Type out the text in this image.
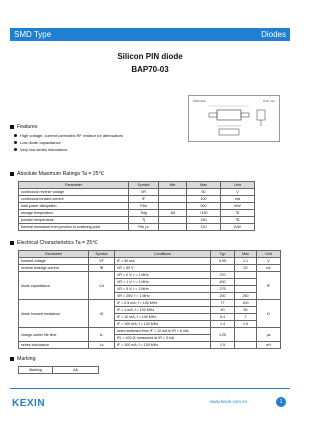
SMD Type	Diodes
Silicon PIN diode
BAP70-03
SOD-323	Unit: mm
Features
High voltage, current controlled RF resistor for attenuators
Low diode capacitance
Very low series inductance.
Absolute Maximum Ratings Ta = 25℃
Parameter	Symbol	Min	Max	Unit
continuous reverse voltage	VR		50	V
continuous forward current	IF		100	mA
total power dissipation	Ptot		500	mW
storage temperature	Tstg	-65	+150	℃
junction temperature	Tj		150	℃
thermal resistance from junction to soldering point	Rth j-s		120	K/W
Electrical Characteristics Ta = 25℃
Parameter	Symbol	Conditions	Typ	Max	Unit
forward voltage	VF	IF = 50 mA	0.95	1.1	V
reverse leakage current	IR	VR = 50 V		20	nA
diode capacitance	Cd	VR = 0 V; f = 1 MHz	370		fF
		VR = 1 V; f = 1 MHz	400		
		VR = 5 V; f = 1 MHz	275		
		VR = 20V; f = 1 MHz	200	250	
diode forward resistance	rD	IF = 0.5 mA; f = 100 MHz	77	100	Ω
		IF = 1 mA; f = 100 MHz	40	50	
		IF = 10 mA; f = 100 MHz	5.4	7	
		IF = 100 mA; f = 100 MHz	1.4	1.9	
charge carrier life time	τL	when switched from IF = 10 mA to IR = 6 mA;	1.25		μs
		RL = 100 Ω; measured at IR = 3 mA			
series inductance	Ls	IF = 100 mA; f = 100 MHz	1.5		nH
Marking
Marking	A8
KEXIN	www.kexin.com.cn	1
